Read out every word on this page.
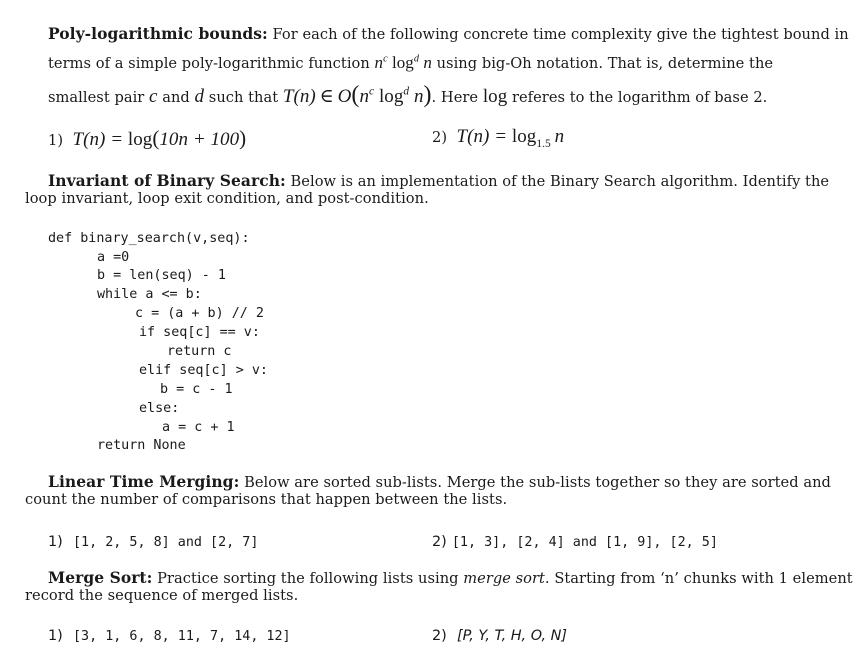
Poly-logarithmic bounds: For each of the following concrete time complexity give the tightest bound in
terms of a simple poly-logarithmic function $n^c$ $\log^d n$ using big-Oh notation. That is, determine the
smallest pair c and d such that T(n) ∈ $O(n^c$ $\log^d n$). Here log referes to the logarithm of base 2.
1) T(n) = log(10n + 100)	2) $T(n) = \log_{1.5} n$
Invariant of Binary Search: Below is an implementation of the Binary Search algorithm. Identify the
loop invariant, loop exit condition, and post-condition.
def binary_search(v,seq):
a =0
b = len(seq) - 1
while a <= b:
c = (a + b) // 2
if seq[c] == v:
return c
elif seq[c] > v:
b = c - 1
else:
a = c + 1
return None
Linear Time Merging: Below are sorted sub-lists. Merge the sub-lists together so they are sorted and
count the number of comparisons that happen between the lists.
1) [1, 2, 5, 8] and [2, 7]	2) [1, 3], [2, 4] and [1, 9], [2, 5]
Merge Sort: Practice sorting the following lists using merge sort. Starting from ‘n’ chunks with 1 element
record the sequence of merged lists.
1) [3, 1, 6, 8, 11, 7, 14, 12]	2) [P, Y, T, H, O, N]
